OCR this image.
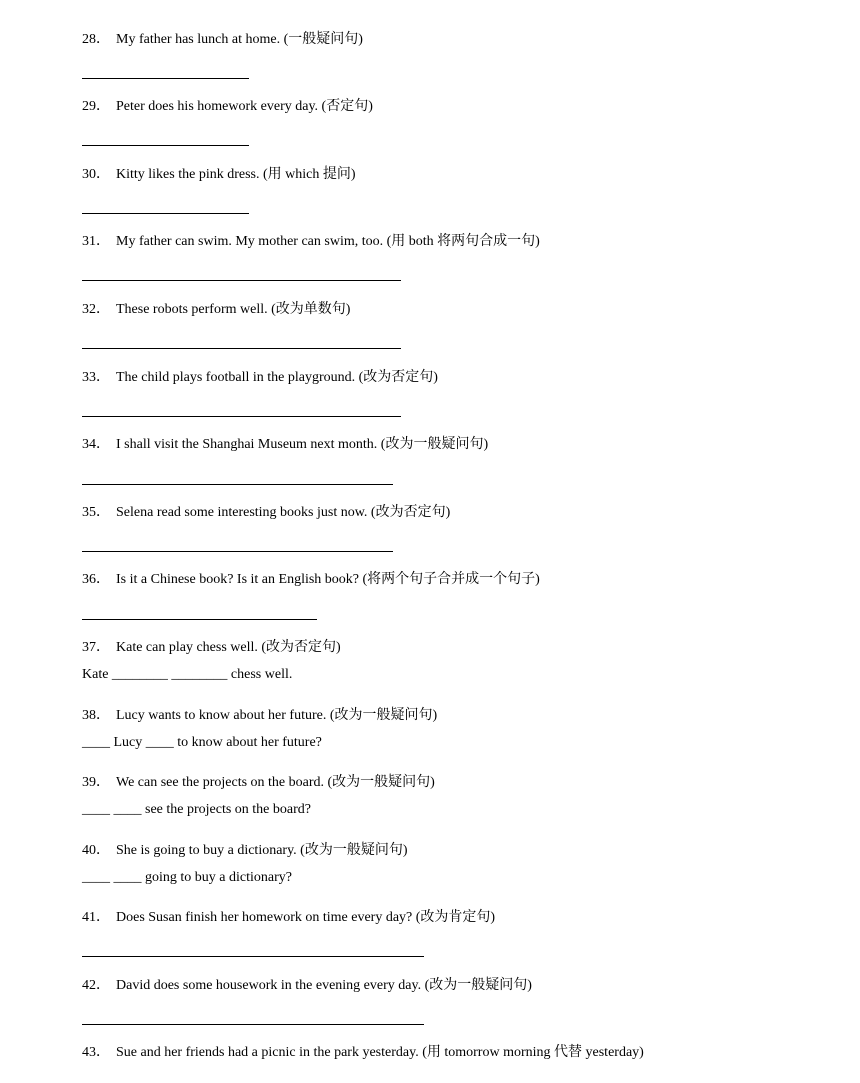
28． My father has lunch at home. (一般疑问句)
29． Peter does his homework every day. (否定句)
30． Kitty likes the pink dress. (用 which 提问)
31． My father can swim. My mother can swim, too. (用 both 将两句合成一句)
32． These robots perform well. (改为单数句)
33． The child plays football in the playground. (改为否定句)
34． I shall visit the Shanghai Museum next month. (改为一般疑问句)
35． Selena read some interesting books just now. (改为否定句)
36． Is it a Chinese book? Is it an English book? (将两个句子合并成一个句子)
37． Kate can play chess well. (改为否定句)
Kate ________ ________ chess well.
38． Lucy wants to know about her future. (改为一般疑问句)
____ Lucy ____ to know about her future?
39． We can see the projects on the board. (改为一般疑问句)
____ ____ see the projects on the board?
40． She is going to buy a dictionary. (改为一般疑问句)
____ ____ going to buy a dictionary?
41． Does Susan finish her homework on time every day? (改为肯定句)
42． David does some housework in the evening every day. (改为一般疑问句)
43． Sue and her friends had a picnic in the park yesterday. (用 tomorrow morning 代替 yesterday)
